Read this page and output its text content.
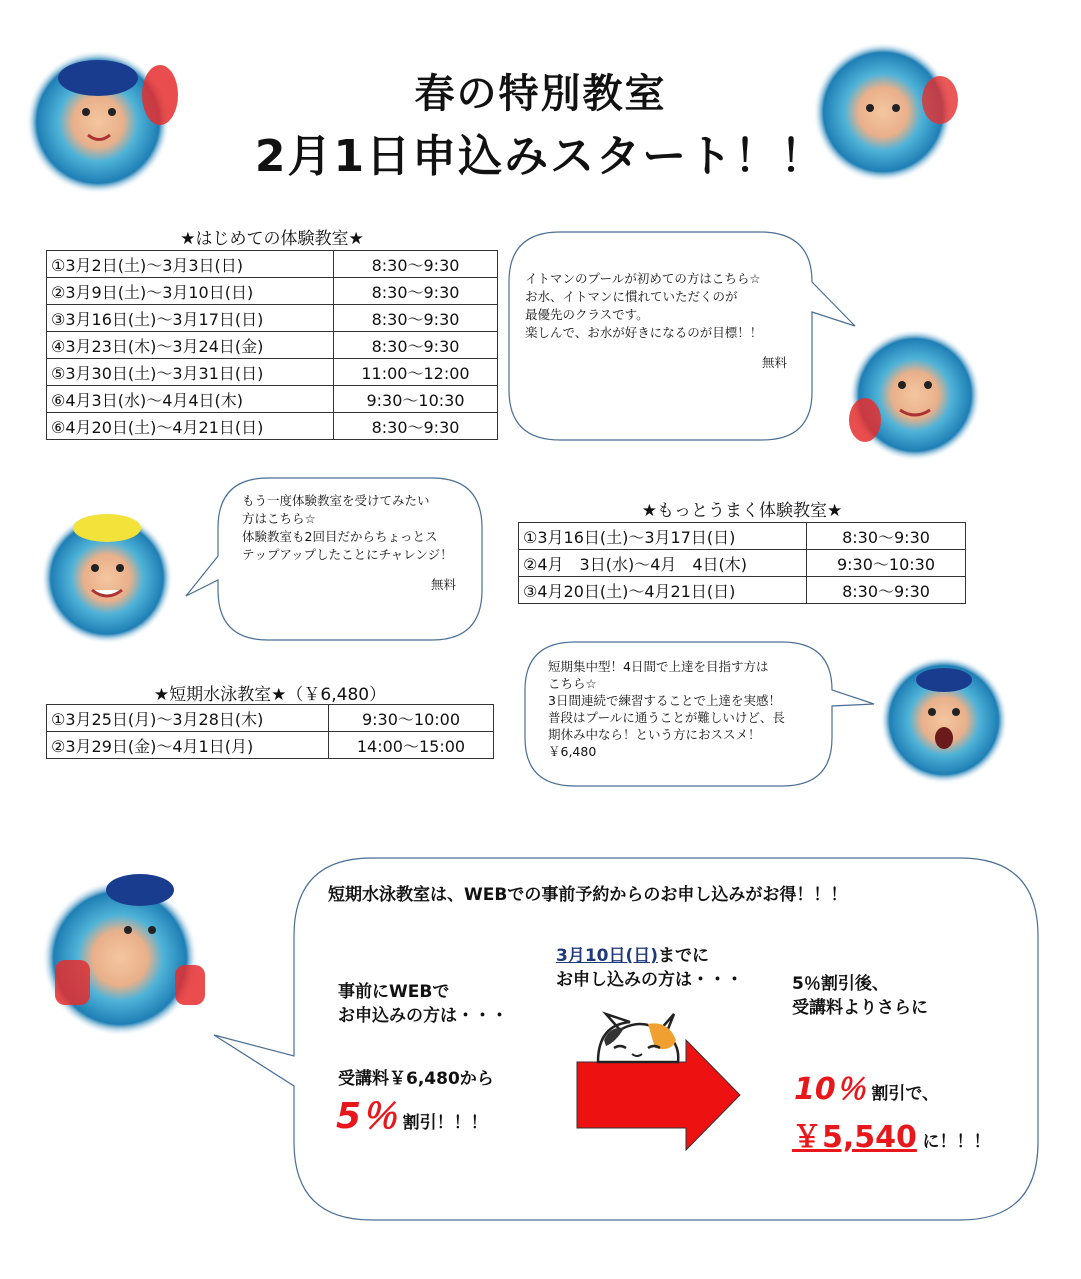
春の特別教室
2月1日申込みスタート！！
★はじめての体験教室★
①3月2日(土)～3月3日(日)	8:30～9:30
②3月9日(土)～3月10日(日)	8:30～9:30
③3月16日(土)～3月17日(日)	8:30～9:30
④3月23日(木)～3月24日(金)	8:30～9:30
⑤3月30日(土)～3月31日(日)	11:00～12:00
⑥4月3日(水)～4月4日(木)	9:30～10:30
⑥4月20日(土)～4月21日(日)	8:30～9:30
イトマンのプールが初めての方はこちら☆
お水、イトマンに慣れていただくのが
最優先のクラスです。
楽しんで、お水が好きになるのが目標！！
無料
もう一度体験教室を受けてみたい
方はこちら☆
体験教室も2回目だからちょっとス
テップアップしたことにチャレンジ！
無料
★もっとうまく体験教室★
①3月16日(土)～3月17日(日)	8:30～9:30
②4月　3日(水)～4月　4日(木)	9:30～10:30
③4月20日(土)～4月21日(日)	8:30～9:30
★短期水泳教室★（￥6,480）
①3月25日(月)～3月28日(木)	9:30～10:00
②3月29日(金)～4月1日(月)	14:00～15:00
短期集中型！4日間で上達を目指す方は
こちら☆
3日間連続で練習することで上達を実感！
普段はプールに通うことが難しいけど、長
期休み中なら！という方におススメ！
￥6,480
短期水泳教室は、WEBでの事前予約からのお申し込みがお得！！！
事前にWEBで
お申込みの方は・・・
受講料￥6,480から
5％ 割引！！！
3月10日(日)までに
お申し込みの方は・・・	5％割引後、
受講料よりさらに
10％ 割引で、
￥5,540 に！！！
